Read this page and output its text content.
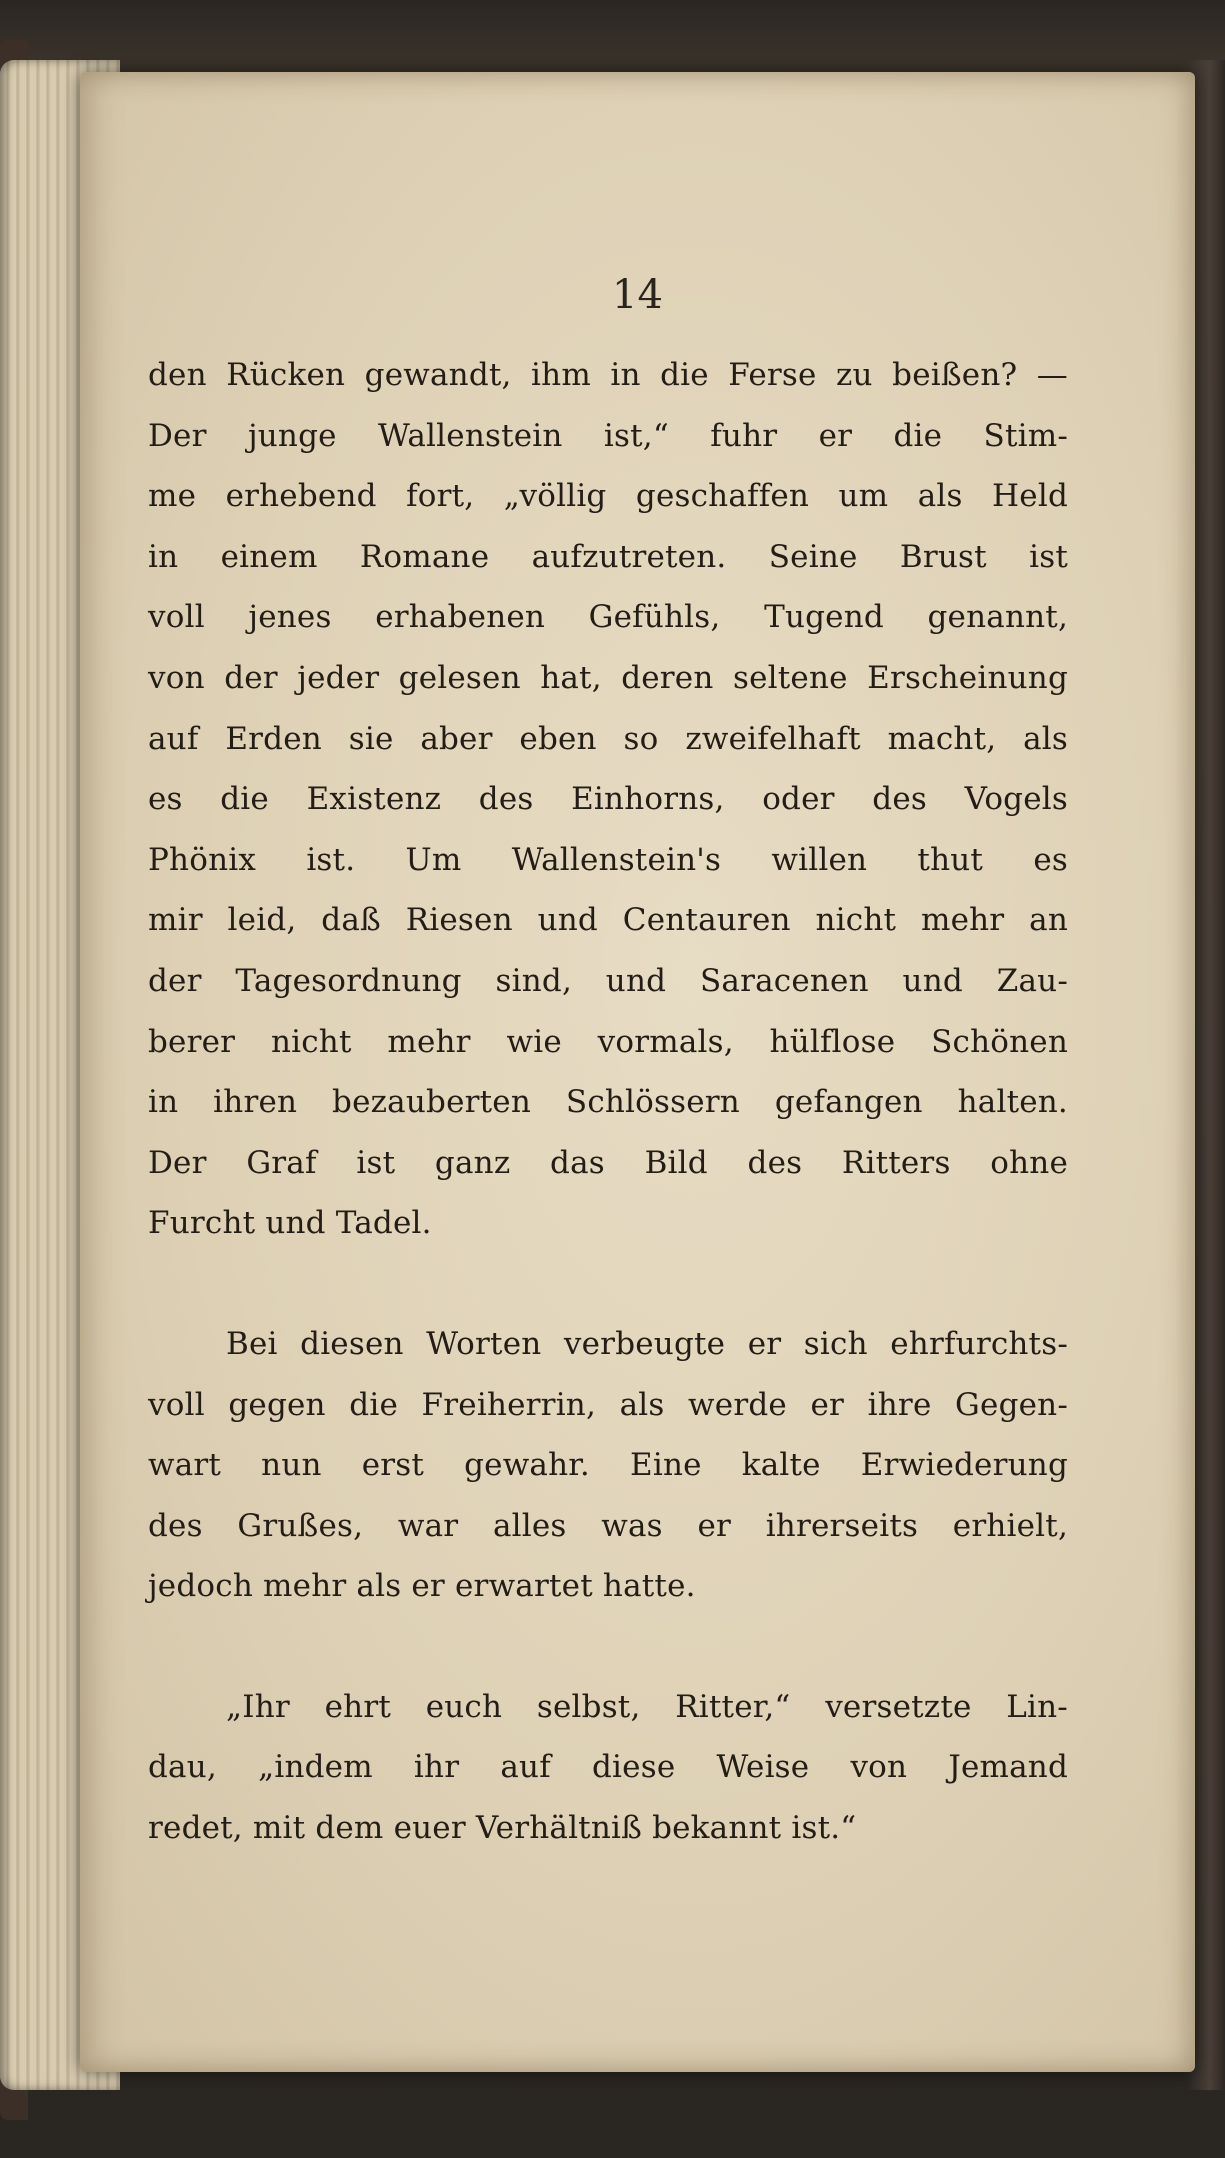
14
den Rücken gewandt, ihm in die Ferse zu beißen? —
Der junge Wallenstein ist,“ fuhr er die Stim-
me erhebend fort, „völlig geschaffen um als Held
in einem Romane aufzutreten. Seine Brust ist
voll jenes erhabenen Gefühls, Tugend genannt,
von der jeder gelesen hat, deren seltene Erscheinung
auf Erden sie aber eben so zweifelhaft macht, als
es die Existenz des Einhorns, oder des Vogels
Phönix ist. Um Wallenstein's willen thut es
mir leid, daß Riesen und Centauren nicht mehr an
der Tagesordnung sind, und Saracenen und Zau-
berer nicht mehr wie vormals, hülflose Schönen
in ihren bezauberten Schlössern gefangen halten.
Der Graf ist ganz das Bild des Ritters ohne
Furcht und Tadel.
Bei diesen Worten verbeugte er sich ehrfurchts-
voll gegen die Freiherrin, als werde er ihre Gegen-
wart nun erst gewahr. Eine kalte Erwiederung
des Grußes, war alles was er ihrerseits erhielt,
jedoch mehr als er erwartet hatte.
„Ihr ehrt euch selbst, Ritter,“ versetzte Lin-
dau, „indem ihr auf diese Weise von Jemand
redet, mit dem euer Verhältniß bekannt ist.“
